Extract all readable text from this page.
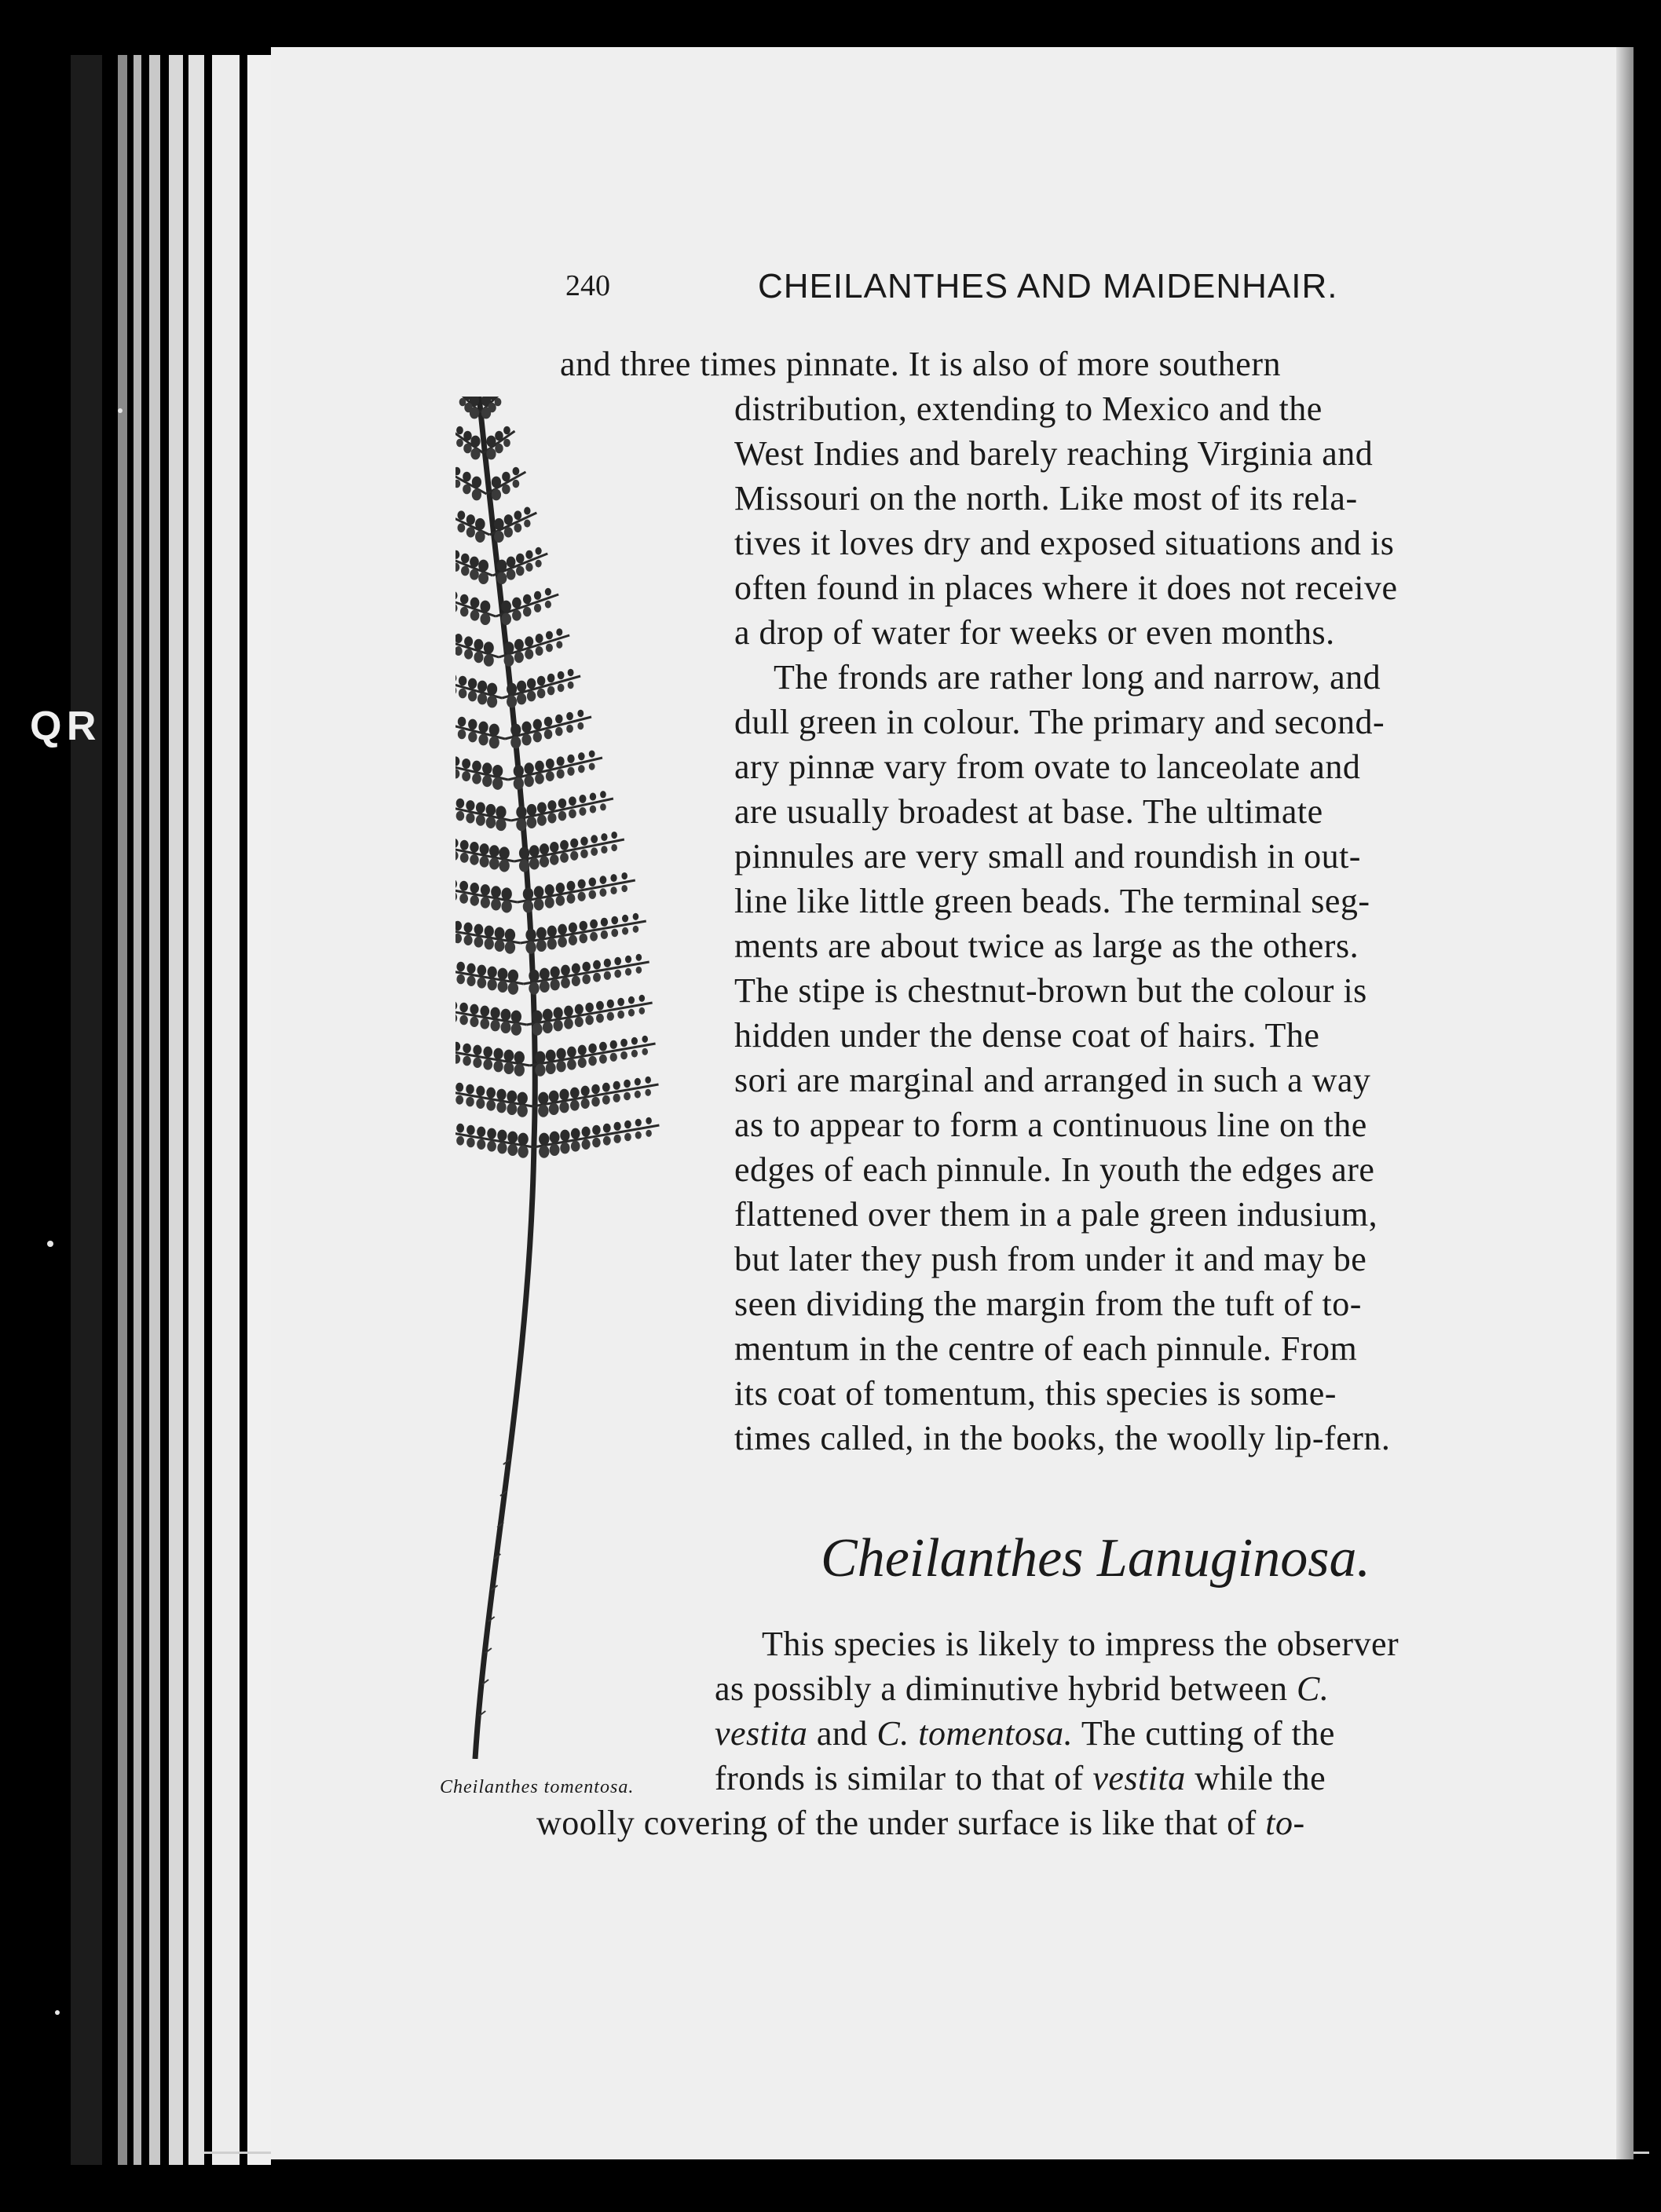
Q R
240	CHEILANTHES AND MAIDENHAIR.
and three times pinnate. It is also of more southern
distribution, extending to Mexico and the
West Indies and barely reaching Virginia and
Missouri on the north. Like most of its rela-
tives it loves dry and exposed situations and is
often found in places where it does not receive
a drop of water for weeks or even months.
The fronds are rather long and narrow, and
dull green in colour. The primary and second-
ary pinnæ vary from ovate to lanceolate and
are usually broadest at base. The ultimate
pinnules are very small and roundish in out-
line like little green beads. The terminal seg-
ments are about twice as large as the others.
The stipe is chestnut-brown but the colour is
hidden under the dense coat of hairs. The
sori are marginal and arranged in such a way
as to appear to form a continuous line on the
edges of each pinnule. In youth the edges are
flattened over them in a pale green indusium,
but later they push from under it and may be
seen dividing the margin from the tuft of to-
mentum in the centre of each pinnule. From
its coat of tomentum, this species is some-
times called, in the books, the woolly lip-fern.
Cheilanthes Lanuginosa.
This species is likely to impress the observer
as possibly a diminutive hybrid between C.
vestita and C. tomentosa. The cutting of the
fronds is similar to that of vestita while the
woolly covering of the under surface is like that of to-
Cheilanthes tomentosa.
